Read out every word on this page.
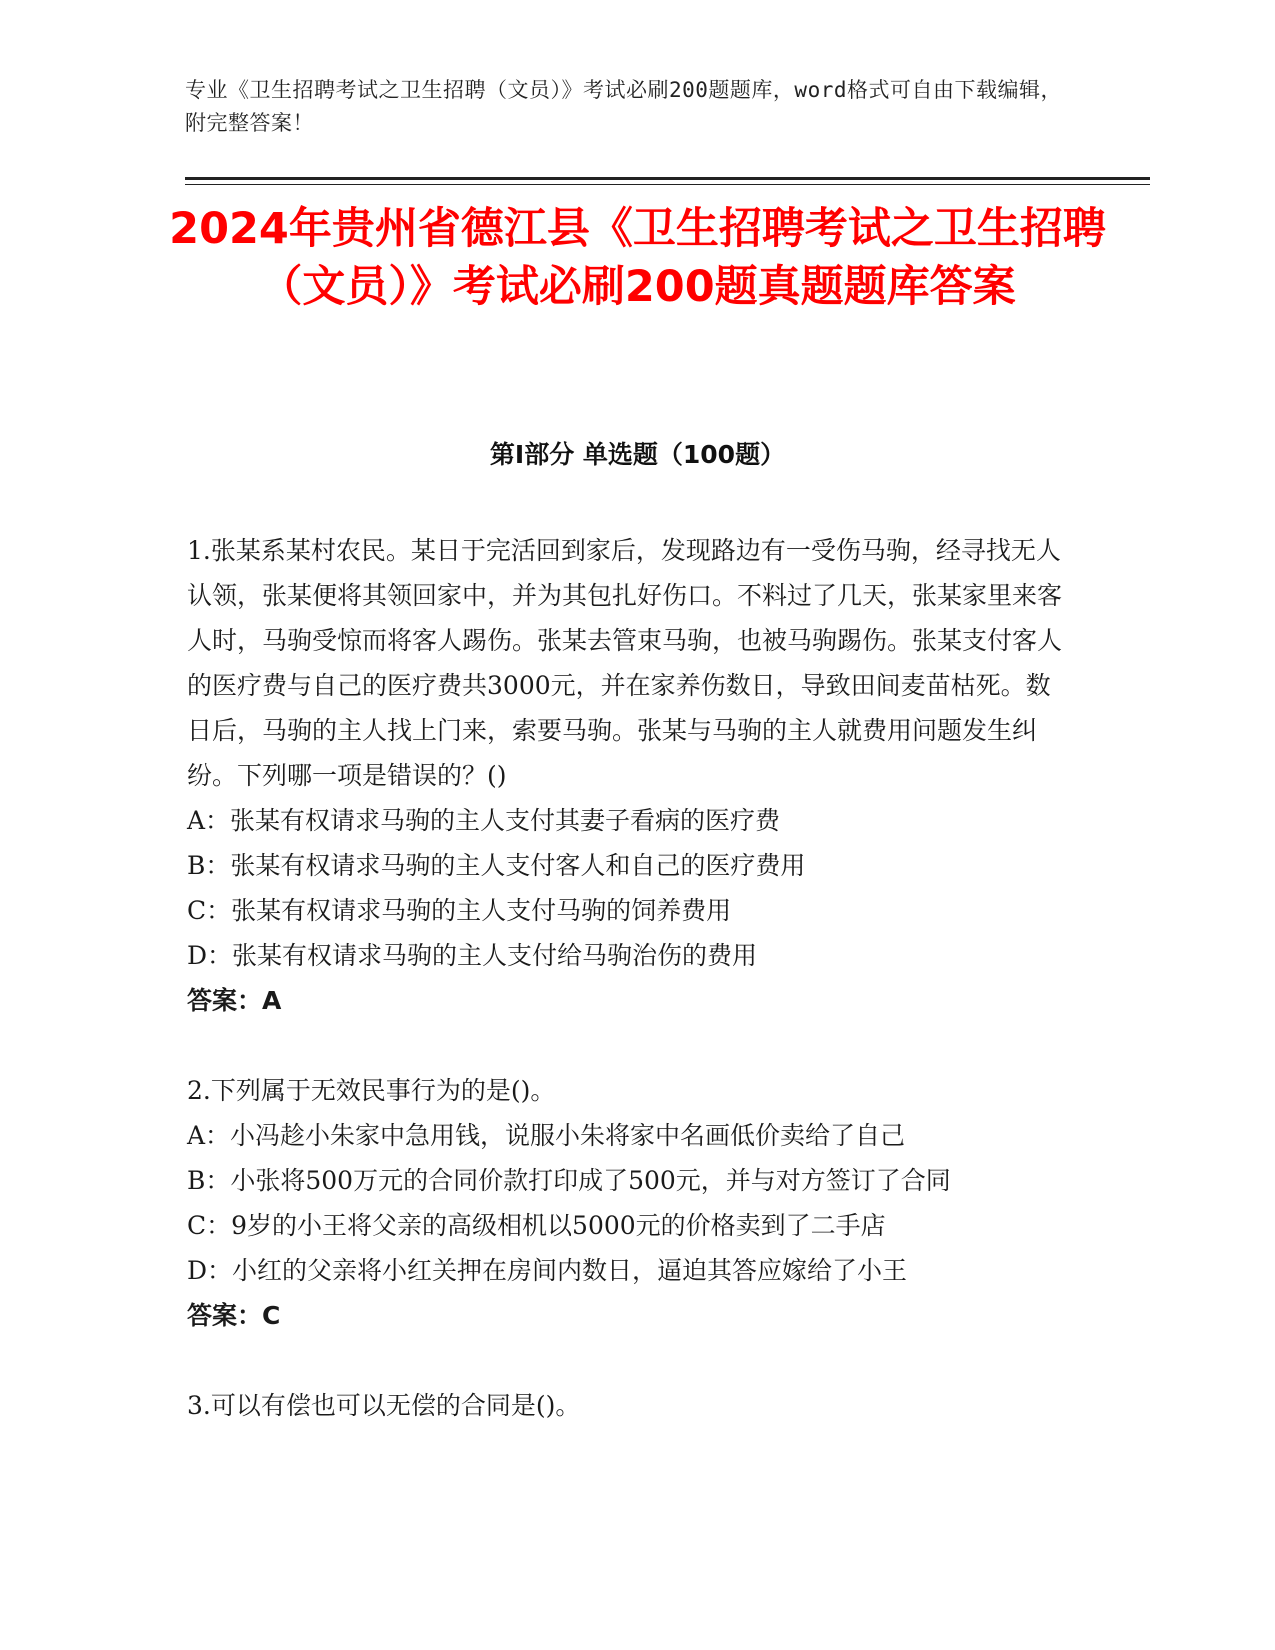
专业《卫生招聘考试之卫生招聘（文员）》考试必刷200题题库，word格式可自由下载编辑，附完整答案！
2024年贵州省德江县《卫生招聘考试之卫生招聘（文员）》考试必刷200题真题题库答案
第I部分 单选题（100题）

1.张某系某村农民。某日于完活回到家后，发现路边有一受伤马驹，经寻找无人认领，张某便将其领回家中，并为其包扎好伤口。不料过了几天，张某家里来客人时，马驹受惊而将客人踢伤。张某去管束马驹，也被马驹踢伤。张某支付客人的医疗费与自己的医疗费共3000元，并在家养伤数日，导致田间麦苗枯死。数日后，马驹的主人找上门来，索要马驹。张某与马驹的主人就费用问题发生纠纷。下列哪一项是错误的？()

A：张某有权请求马驹的主人支付其妻子看病的医疗费

B：张某有权请求马驹的主人支付客人和自己的医疗费用

C：张某有权请求马驹的主人支付马驹的饲养费用

D：张某有权请求马驹的主人支付给马驹治伤的费用

答案：A

2.下列属于无效民事行为的是()。

A：小冯趁小朱家中急用钱，说服小朱将家中名画低价卖给了自己

B：小张将500万元的合同价款打印成了500元，并与对方签订了合同

C：9岁的小王将父亲的高级相机以5000元的价格卖到了二手店

D：小红的父亲将小红关押在房间内数日，逼迫其答应嫁给了小王

答案：C

3.可以有偿也可以无偿的合同是()。
